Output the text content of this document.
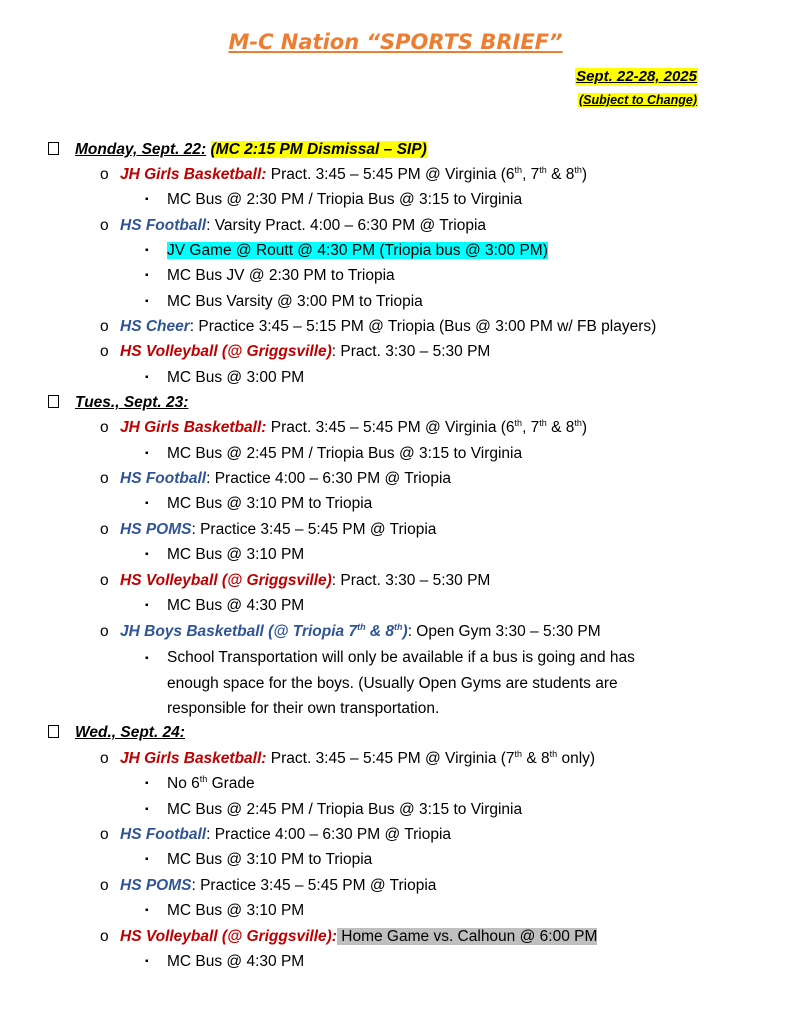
M-C Nation “SPORTS BRIEF”
Sept. 22-28, 2025
(Subject to Change)
Monday, Sept. 22: (MC 2:15 PM Dismissal – SIP)
o JH Girls Basketball: Pract. 3:45 – 5:45 PM @ Virginia (6th, 7th & 8th)
▪ MC Bus @ 2:30 PM / Triopia Bus @ 3:15 to Virginia
o HS Football: Varsity Pract. 4:00 – 6:30 PM @ Triopia
▪ JV Game @ Routt @ 4:30 PM (Triopia bus @ 3:00 PM)
▪ MC Bus JV @ 2:30 PM to Triopia
▪ MC Bus Varsity @ 3:00 PM to Triopia
o HS Cheer: Practice 3:45 – 5:15 PM @ Triopia (Bus @ 3:00 PM w/ FB players)
o HS Volleyball (@ Griggsville): Pract. 3:30 – 5:30 PM
▪ MC Bus @ 3:00 PM
Tues., Sept. 23:
o JH Girls Basketball: Pract. 3:45 – 5:45 PM @ Virginia (6th, 7th & 8th)
▪ MC Bus @ 2:45 PM / Triopia Bus @ 3:15 to Virginia
o HS Football: Practice 4:00 – 6:30 PM @ Triopia
▪ MC Bus @ 3:10 PM to Triopia
o HS POMS: Practice 3:45 – 5:45 PM @ Triopia
▪ MC Bus @ 3:10 PM
o HS Volleyball (@ Griggsville): Pract. 3:30 – 5:30 PM
▪ MC Bus @ 4:30 PM
o JH Boys Basketball (@ Triopia 7th & 8th): Open Gym 3:30 – 5:30 PM
▪ School Transportation will only be available if a bus is going and has enough space for the boys. (Usually Open Gyms are students are responsible for their own transportation.
Wed., Sept. 24:
o JH Girls Basketball: Pract. 3:45 – 5:45 PM @ Virginia (7th & 8th only)
▪ No 6th Grade
▪ MC Bus @ 2:45 PM / Triopia Bus @ 3:15 to Virginia
o HS Football: Practice 4:00 – 6:30 PM @ Triopia
▪ MC Bus @ 3:10 PM to Triopia
o HS POMS: Practice 3:45 – 5:45 PM @ Triopia
▪ MC Bus @ 3:10 PM
o HS Volleyball (@ Griggsville): Home Game vs. Calhoun @ 6:00 PM
▪ MC Bus @ 4:30 PM
